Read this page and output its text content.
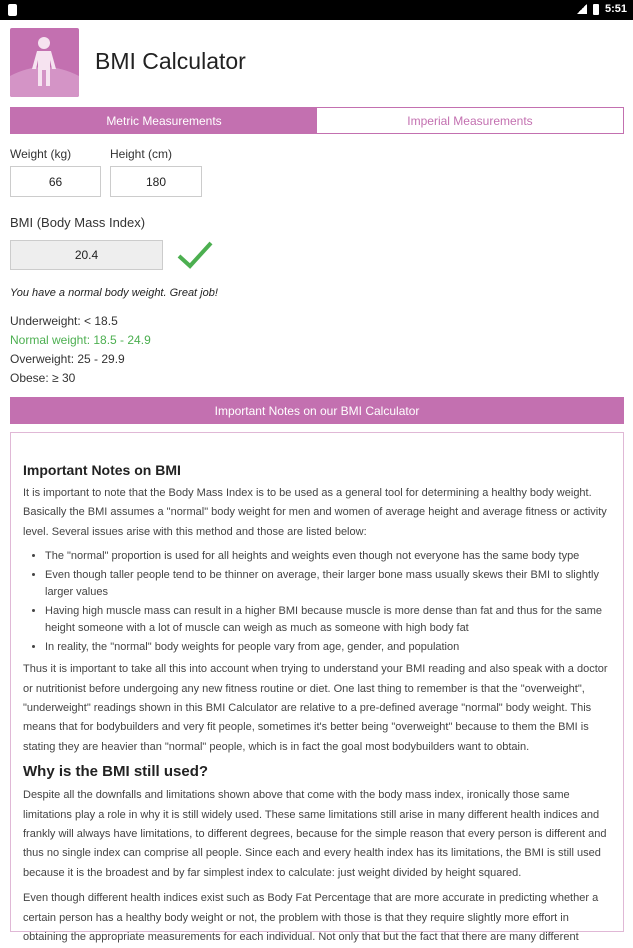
5:51
BMI Calculator
Metric Measurements	Imperial Measurements
Weight (kg)	Height (cm)
66	180
BMI (Body Mass Index)
20.4
You have a normal body weight. Great job!
Underweight: < 18.5
Normal weight: 18.5 - 24.9
Overweight: 25 - 29.9
Obese: ≥ 30
Important Notes on our BMI Calculator
Important Notes on BMI

It is important to note that the Body Mass Index is to be used as a general tool for determining a healthy body weight. Basically the BMI assumes a "normal" body weight for men and women of average height and average fitness or activity level. Several issues arise with this method and those are listed below:

• The "normal" proportion is used for all heights and weights even though not everyone has the same body type
• Even though taller people tend to be thinner on average, their larger bone mass usually skews their BMI to slightly larger values
• Having high muscle mass can result in a higher BMI because muscle is more dense than fat and thus for the same height someone with a lot of muscle can weigh as much as someone with high body fat
• In reality, the "normal" body weights for people vary from age, gender, and population

Thus it is important to take all this into account when trying to understand your BMI reading and also speak with a doctor or nutritionist before undergoing any new fitness routine or diet. One last thing to remember is that the "overweight", "underweight" readings shown in this BMI Calculator are relative to a pre-defined average "normal" body weight. This means that for bodybuilders and very fit people, sometimes it's better being "overweight" because to them the BMI is stating they are heavier than "normal" people, which is in fact the goal most bodybuilders want to obtain.

Why is the BMI still used?

Despite all the downfalls and limitations shown above that come with the body mass index, ironically those same limitations play a role in why it is still widely used. These same limitations still arise in many different health indices and frankly will always have limitations, to different degrees, because for the simple reason that every person is different and thus no single index can comprise all people. Since each and every health index has its limitations, the BMI is still used because it is the broadest and by far simplest index to calculate: just weight divided by height squared.

Even though different health indices exist such as Body Fat Percentage that are more accurate in predicting whether a certain person has a healthy body weight or not, the problem with those is that they require slightly more effort in obtaining the appropriate measurements for each individual. Not only that but the fact that there are many different
